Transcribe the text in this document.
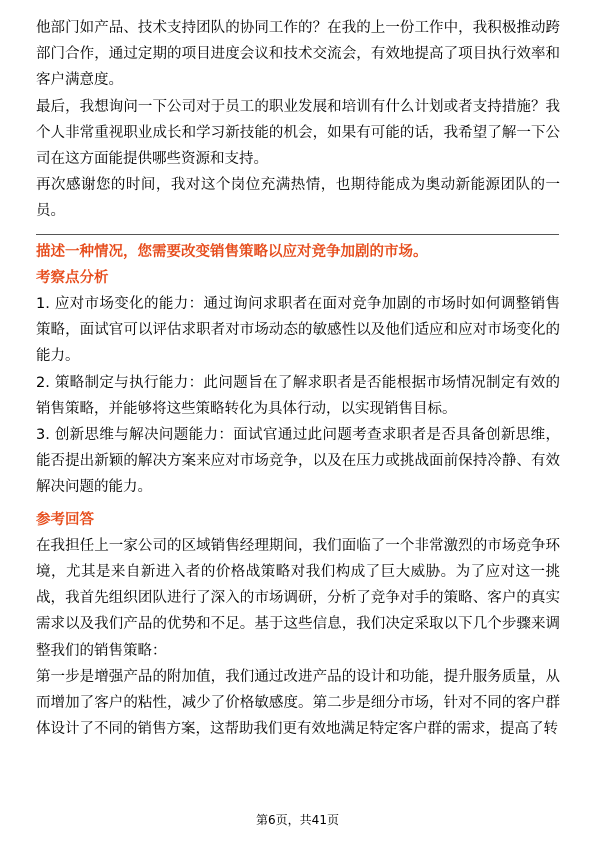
他部门如产品、技术支持团队的协同工作的？在我的上一份工作中，我积极推动跨部门合作，通过定期的项目进度会议和技术交流会，有效地提高了项目执行效率和客户满意度。

最后，我想询问一下公司对于员工的职业发展和培训有什么计划或者支持措施？我个人非常重视职业成长和学习新技能的机会，如果有可能的话，我希望了解一下公司在这方面能提供哪些资源和支持。

再次感谢您的时间，我对这个岗位充满热情，也期待能成为奥动新能源团队的一员。

描述一种情况，您需要改变销售策略以应对竞争加剧的市场。

考察点分析

1. 应对市场变化的能力：通过询问求职者在面对竞争加剧的市场时如何调整销售策略，面试官可以评估求职者对市场动态的敏感性以及他们适应和应对市场变化的能力。

2. 策略制定与执行能力：此问题旨在了解求职者是否能根据市场情况制定有效的销售策略，并能够将这些策略转化为具体行动，以实现销售目标。

3. 创新思维与解决问题能力：面试官通过此问题考查求职者是否具备创新思维，能否提出新颖的解决方案来应对市场竞争，以及在压力或挑战面前保持冷静、有效解决问题的能力。

参考回答

在我担任上一家公司的区域销售经理期间，我们面临了一个非常激烈的市场竞争环境，尤其是来自新进入者的价格战策略对我们构成了巨大威胁。为了应对这一挑战，我首先组织团队进行了深入的市场调研，分析了竞争对手的策略、客户的真实需求以及我们产品的优势和不足。基于这些信息，我们决定采取以下几个步骤来调整我们的销售策略：

第一步是增强产品的附加值，我们通过改进产品的设计和功能，提升服务质量，从而增加了客户的粘性，减少了价格敏感度。第二步是细分市场，针对不同的客户群体设计了不同的销售方案，这帮助我们更有效地满足特定客户群的需求，提高了转

第6页，共41页
